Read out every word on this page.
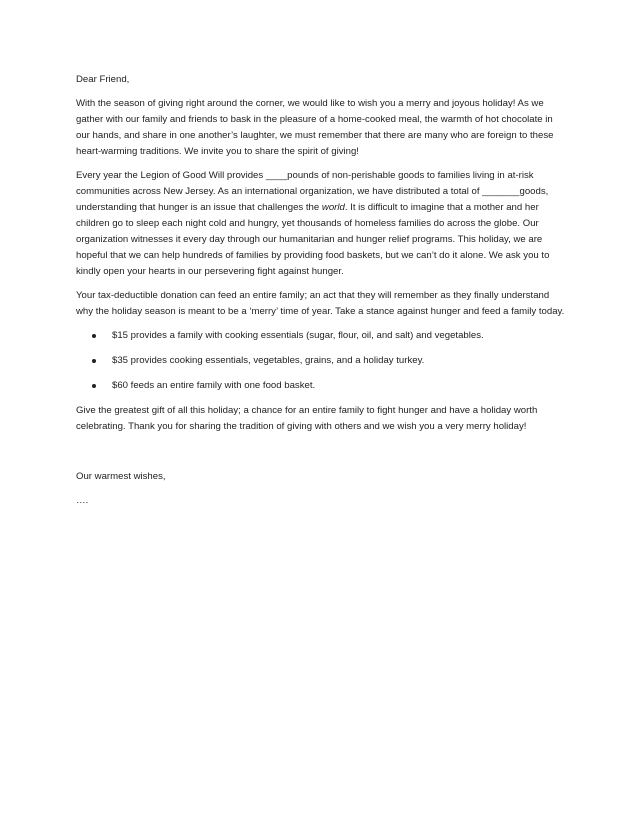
Dear Friend,

With the season of giving right around the corner, we would like to wish you a merry and joyous holiday! As we gather with our family and friends to bask in the pleasure of a home-cooked meal, the warmth of hot chocolate in our hands, and share in one another’s laughter, we must remember that there are many who are foreign to these heart-warming traditions. We invite you to share the spirit of giving!

Every year the Legion of Good Will provides ____pounds of non-perishable goods to families living in at-risk communities across New Jersey. As an international organization, we have distributed a total of _______goods, understanding that hunger is an issue that challenges the world. It is difficult to imagine that a mother and her children go to sleep each night cold and hungry, yet thousands of homeless families do across the globe. Our organization witnesses it every day through our humanitarian and hunger relief programs. This holiday, we are hopeful that we can help hundreds of families by providing food baskets, but we can’t do it alone. We ask you to kindly open your hearts in our persevering fight against hunger.

Your tax-deductible donation can feed an entire family; an act that they will remember as they finally understand why the holiday season is meant to be a ‘merry’ time of year. Take a stance against hunger and feed a family today.

$15 provides a family with cooking essentials (sugar, flour, oil, and salt) and vegetables.
$35 provides cooking essentials, vegetables, grains, and a holiday turkey.
$60 feeds an entire family with one food basket.

Give the greatest gift of all this holiday; a chance for an entire family to fight hunger and have a holiday worth celebrating. Thank you for sharing the tradition of giving with others and we wish you a very merry holiday!

Our warmest wishes,

….
